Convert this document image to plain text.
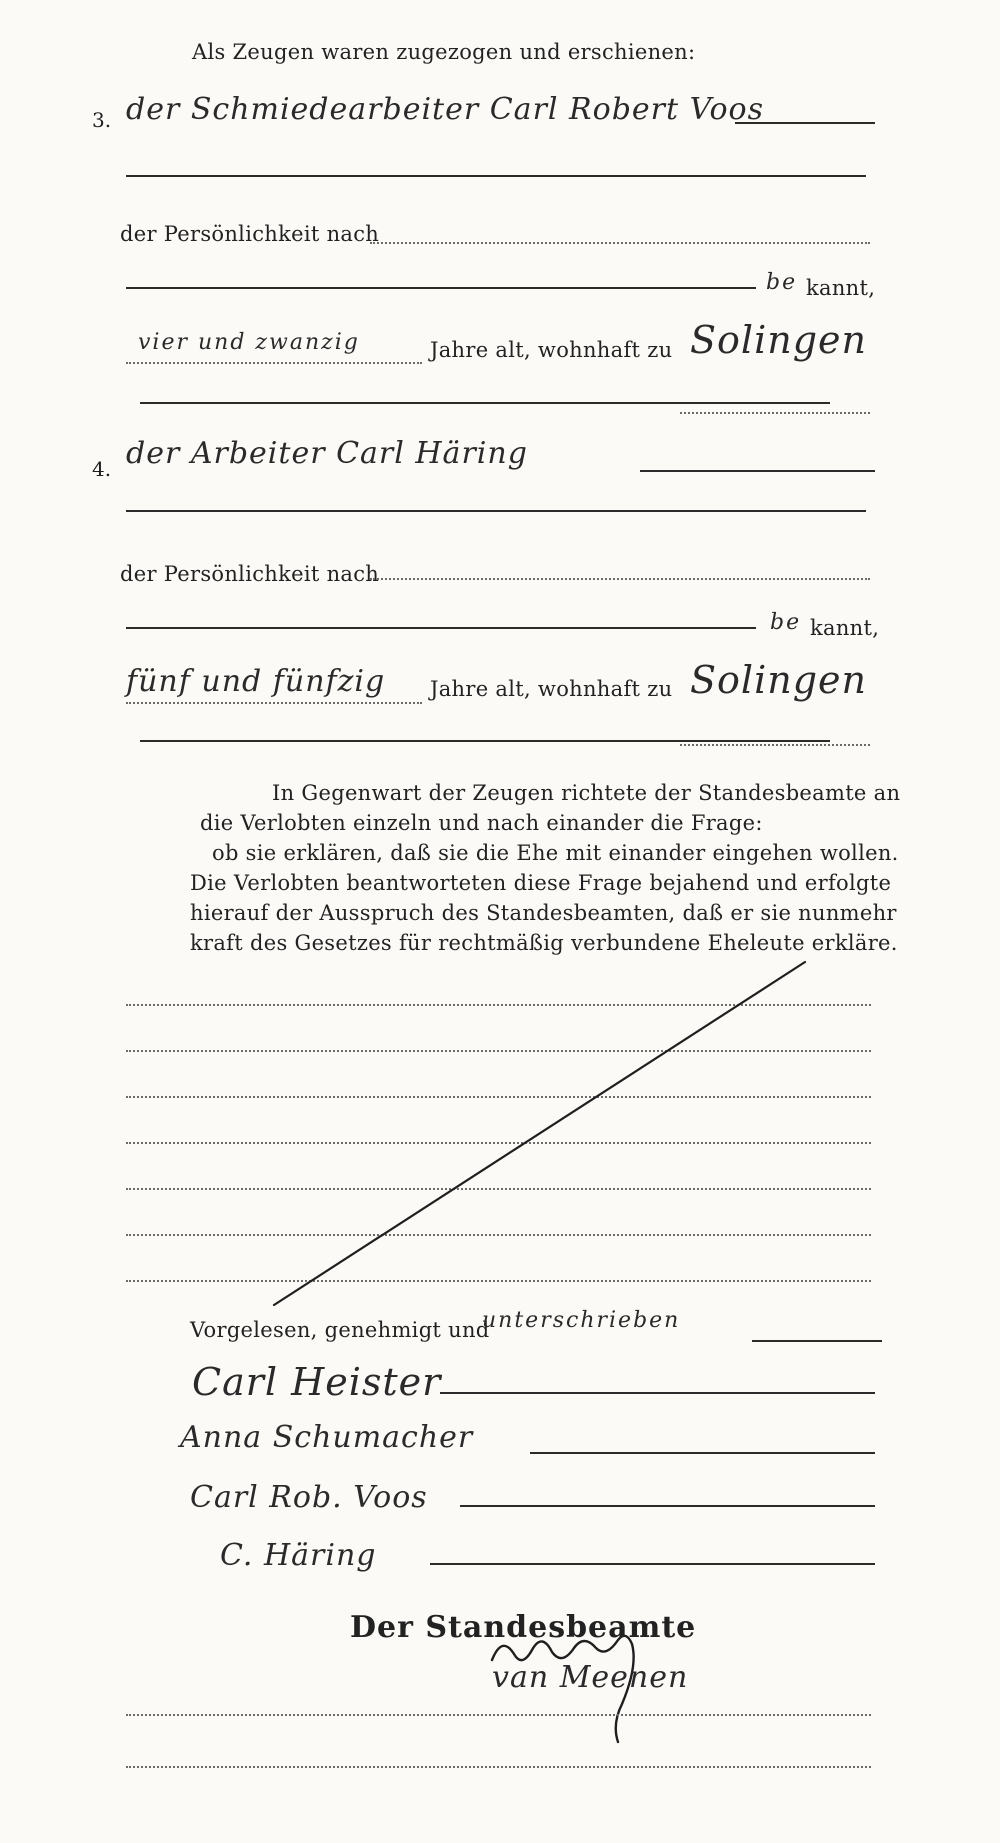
Als Zeugen waren zugezogen und erschienen:
3. der Schmiedearbeiter Carl Robert Voos
der Persönlichkeit nach
be kannt,
vier und zwanzig	Jahre alt, wohnhaft zu Solingen
4. der Arbeiter Carl Häring
der Persönlichkeit nach
be kannt,
fünf und fünfzig Jahre alt, wohnhaft zu Solingen
In Gegenwart der Zeugen richtete der Standesbeamte an
die Verlobten einzeln und nach einander die Frage:
ob sie erklären, daß sie die Ehe mit einander eingehen wollen.
Die Verlobten beantworteten diese Frage bejahend und erfolgte
hierauf der Ausspruch des Standesbeamten, daß er sie nunmehr
kraft des Gesetzes für rechtmäßig verbundene Eheleute erkläre.
Vorgelesen, genehmigt und
unterschrieben
Carl Heister
Anna Schumacher
Carl Rob. Voos
C. Häring
Der Standesbeamte
van Meenen
